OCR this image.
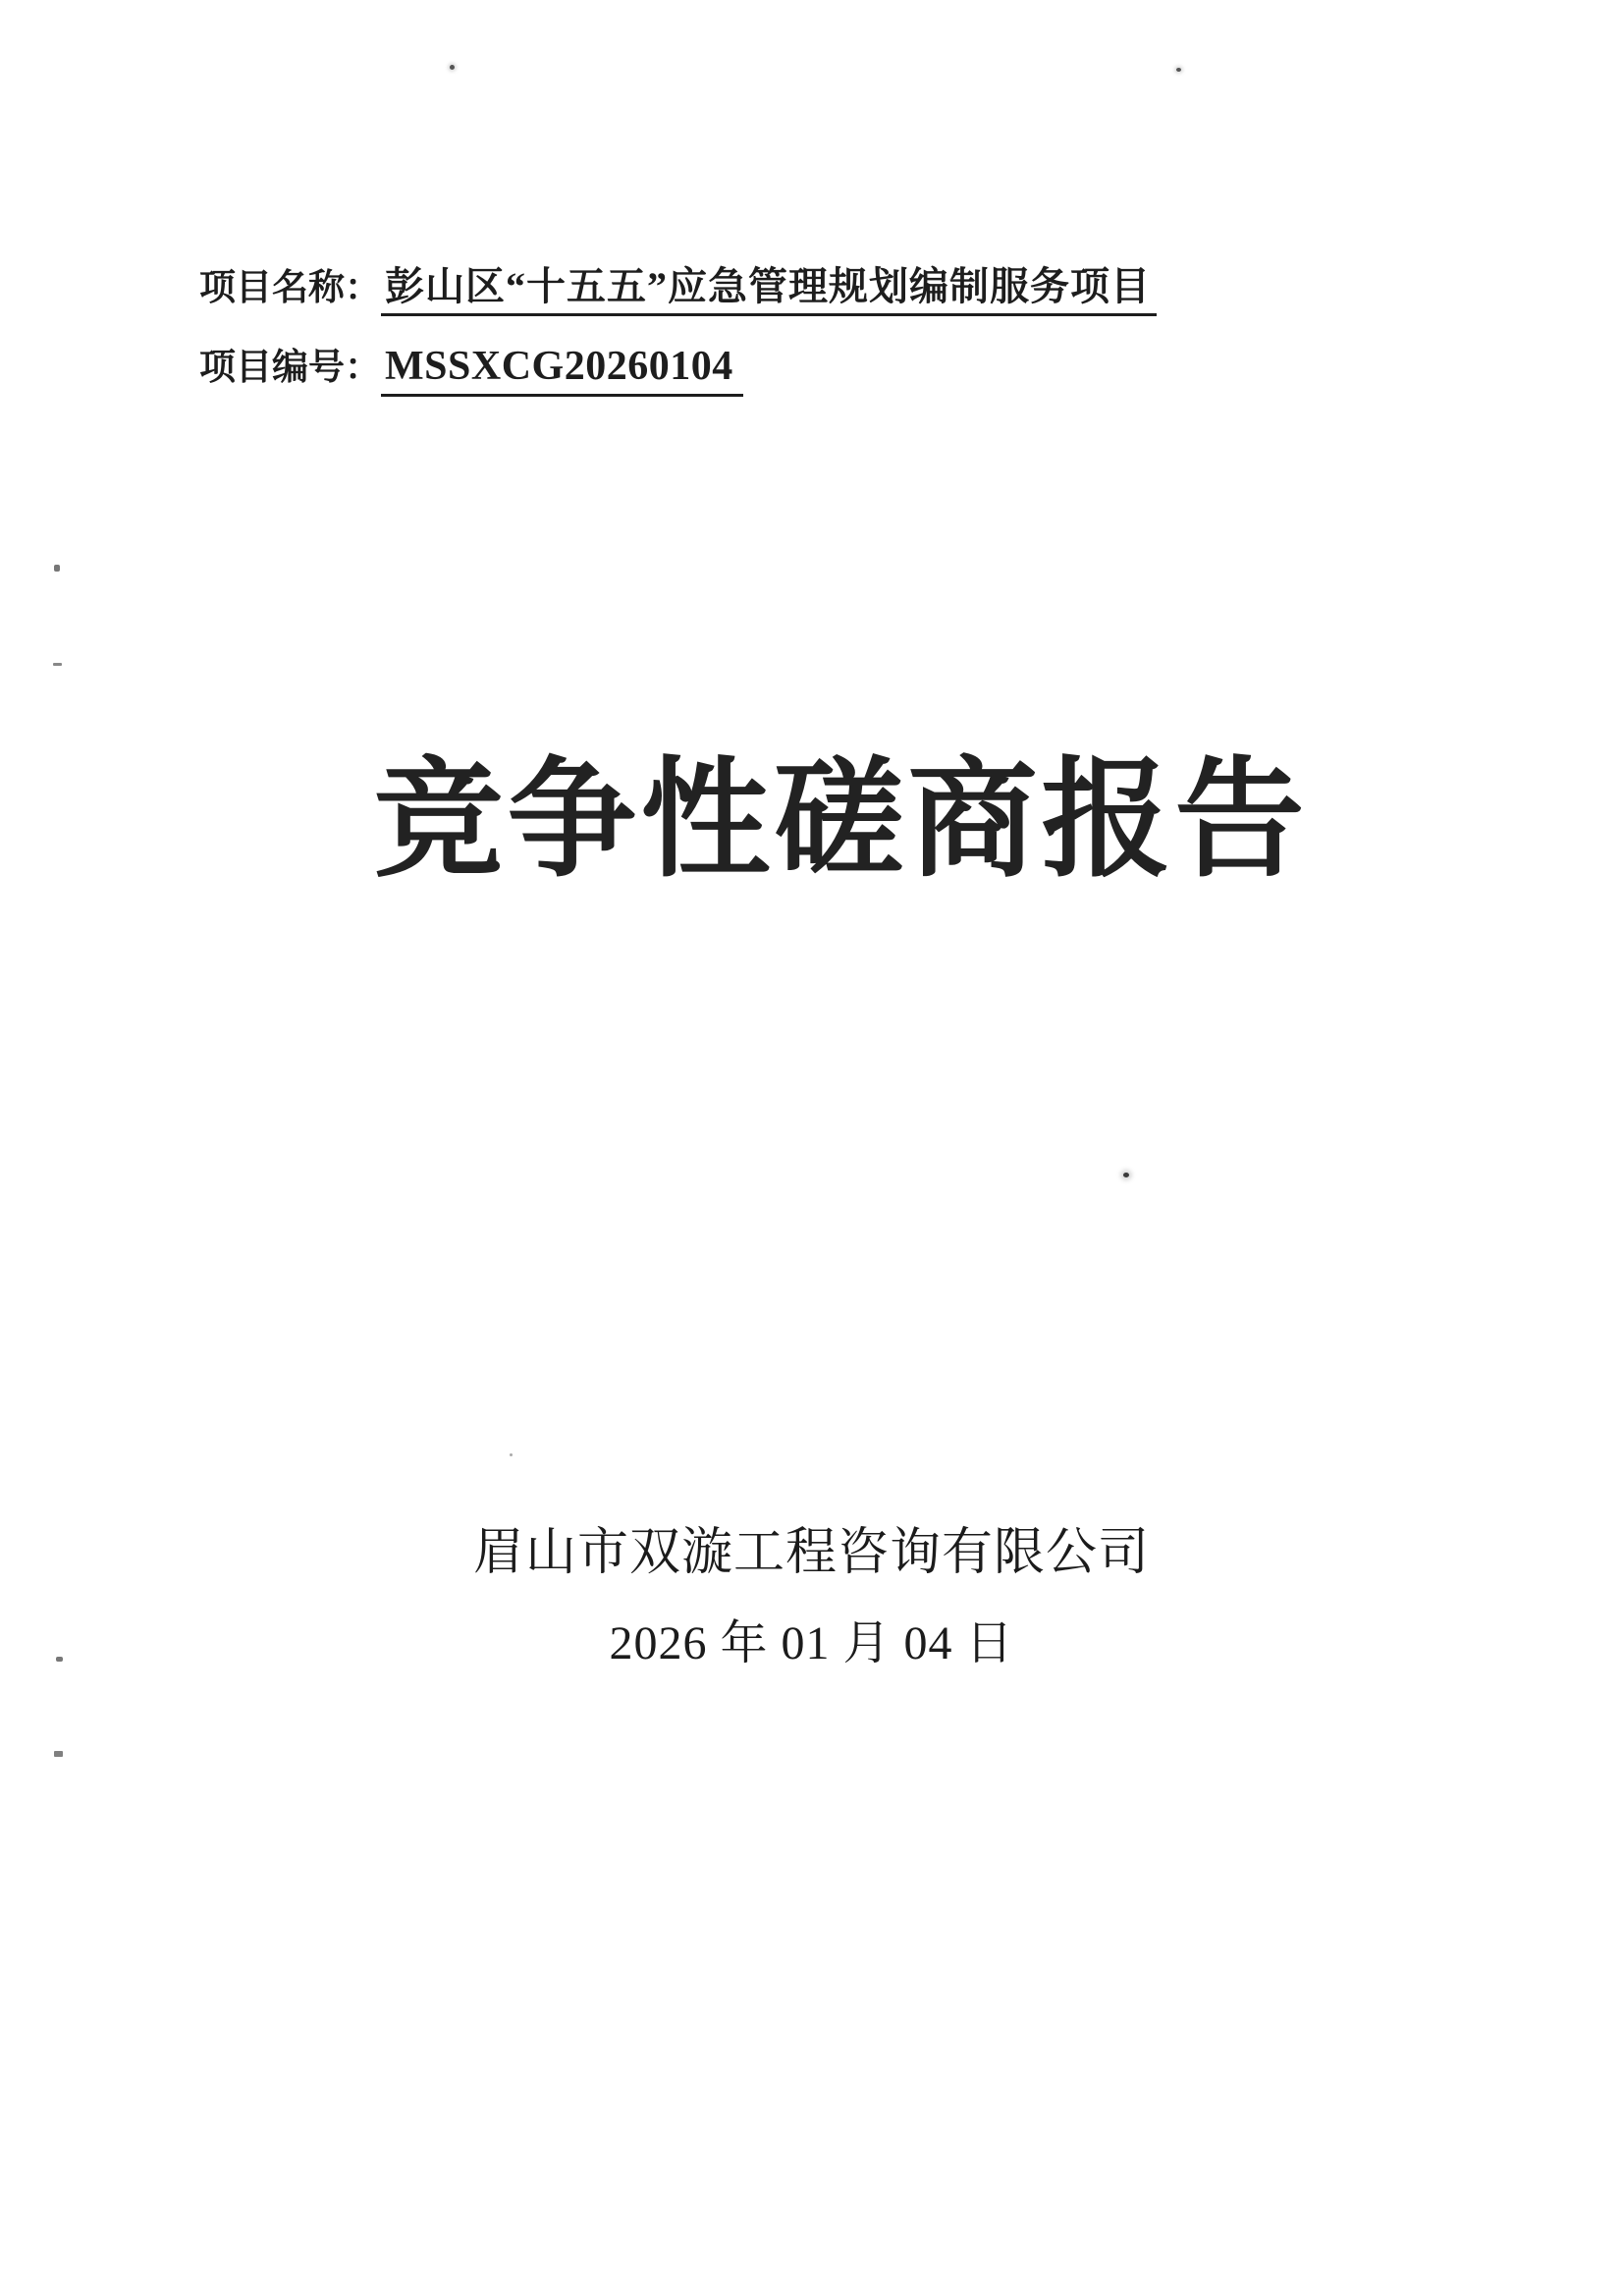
项目名称： 彭山区“十五五”应急管理规划编制服务项目
项目编号：MSSXCG20260104
竞争性磋商报告
眉山市双漩工程咨询有限公司
2026 年 01 月 04 日
